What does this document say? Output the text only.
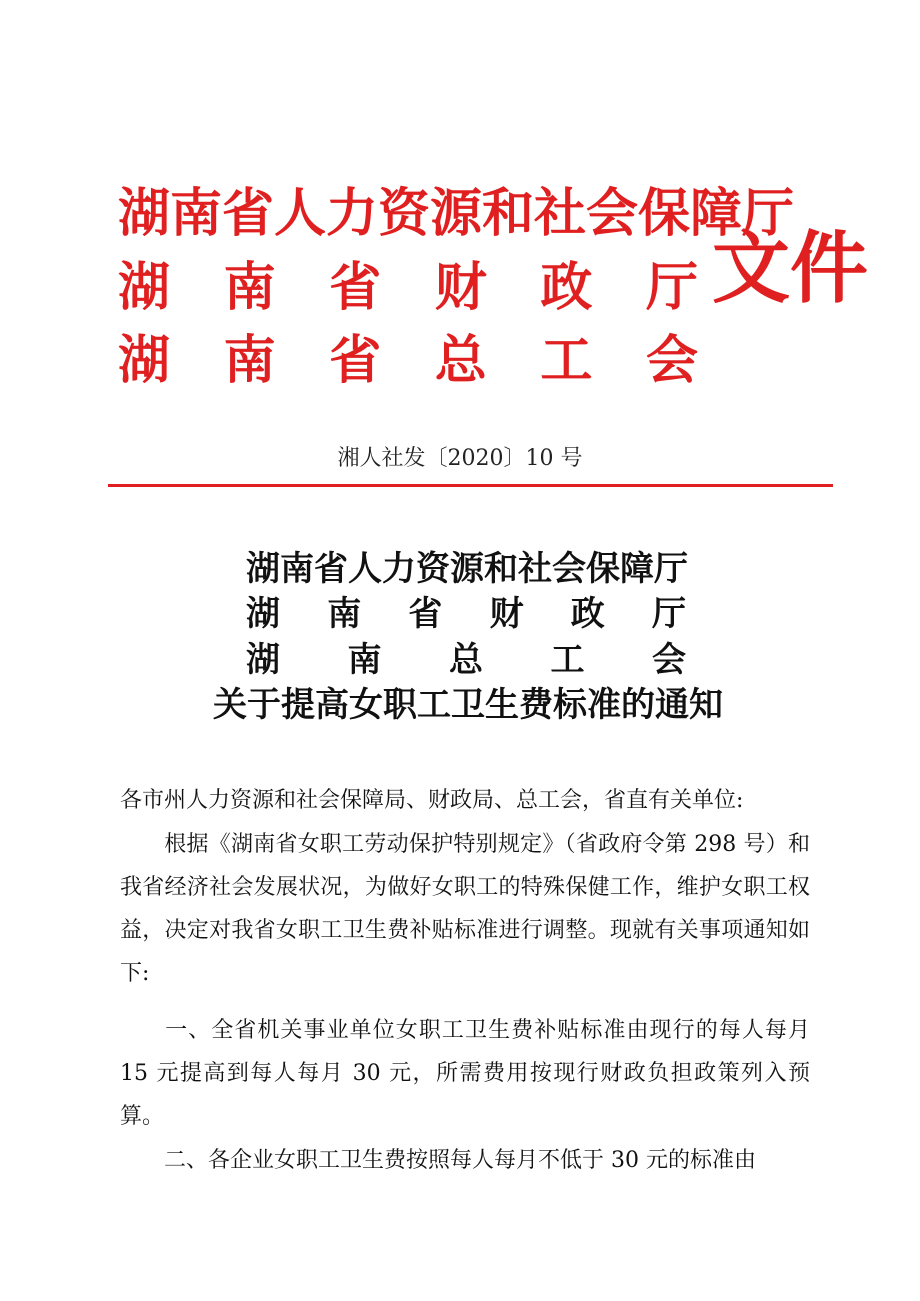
湖南省人力资源和社会保障厅
湖 南 省 财 政 厅
湖 南 省 总 工 会
文件
湘人社发〔2020〕10 号
湖南省人力资源和社会保障厅
湖 南 省 财 政 厅
湖 南 总 工 会
关于提高女职工卫生费标准的通知

各市州人力资源和社会保障局、财政局、总工会，省直有关单位:

根据《湖南省女职工劳动保护特别规定》（省政府令第 298 号）和我省经济社会发展状况，为做好女职工的特殊保健工作，维护女职工权益，决定对我省女职工卫生费补贴标准进行调整。现就有关事项通知如下:

一、全省机关事业单位女职工卫生费补贴标准由现行的每人每月 15 元提高到每人每月 30 元，所需费用按现行财政负担政策列入预算。

二、各企业女职工卫生费按照每人每月不低于 30 元的标准由
